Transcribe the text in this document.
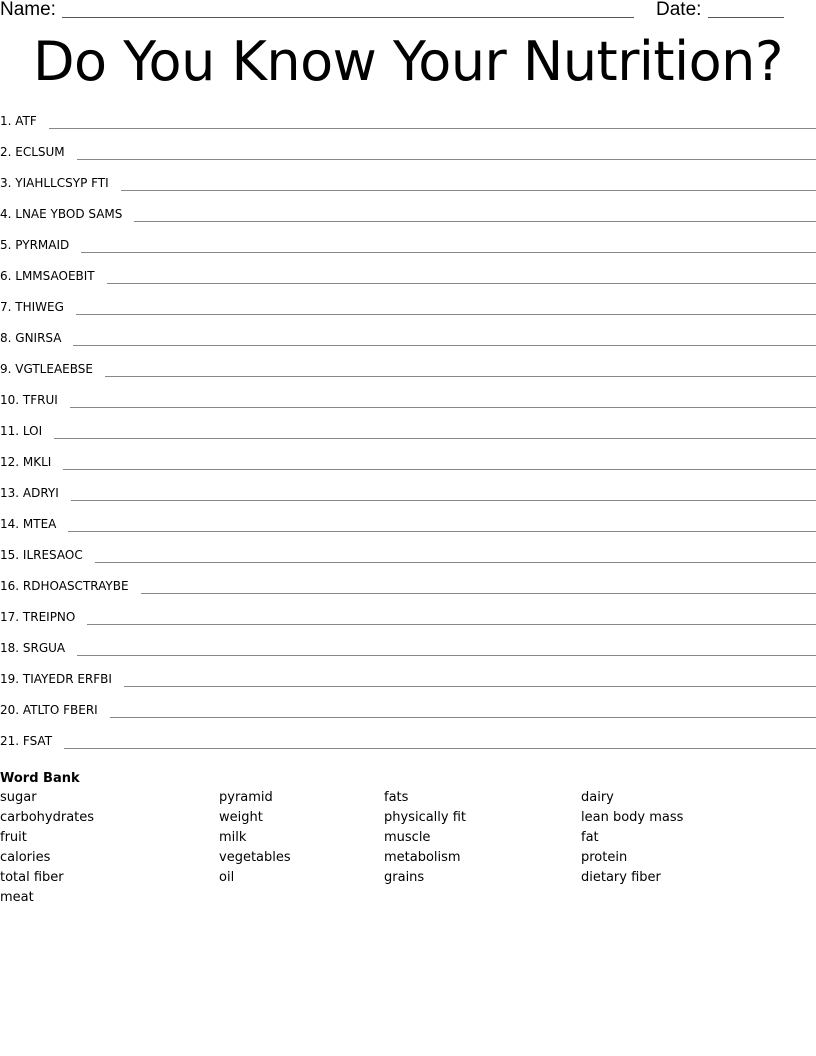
Name:	Date:
Do You Know Your Nutrition?
1. ATF
2. ECLSUM
3. YIAHLLCSYP FTI
4. LNAE YBOD SAMS
5. PYRMAID
6. LMMSAOEBIT
7. THIWEG
8. GNIRSA
9. VGTLEAEBSE
10. TFRUI
11. LOI
12. MKLI
13. ADRYI
14. MTEA
15. ILRESAOC
16. RDHOASCTRAYBE
17. TREIPNO
18. SRGUA
19. TIAYEDR ERFBI
20. ATLTO FBERI
21. FSAT
Word Bank
sugar
carbohydrates
fruit
calories
total fiber
meat
pyramid
weight
milk
vegetables
oil
fats
physically fit
muscle
metabolism
grains
dairy
lean body mass
fat
protein
dietary fiber
